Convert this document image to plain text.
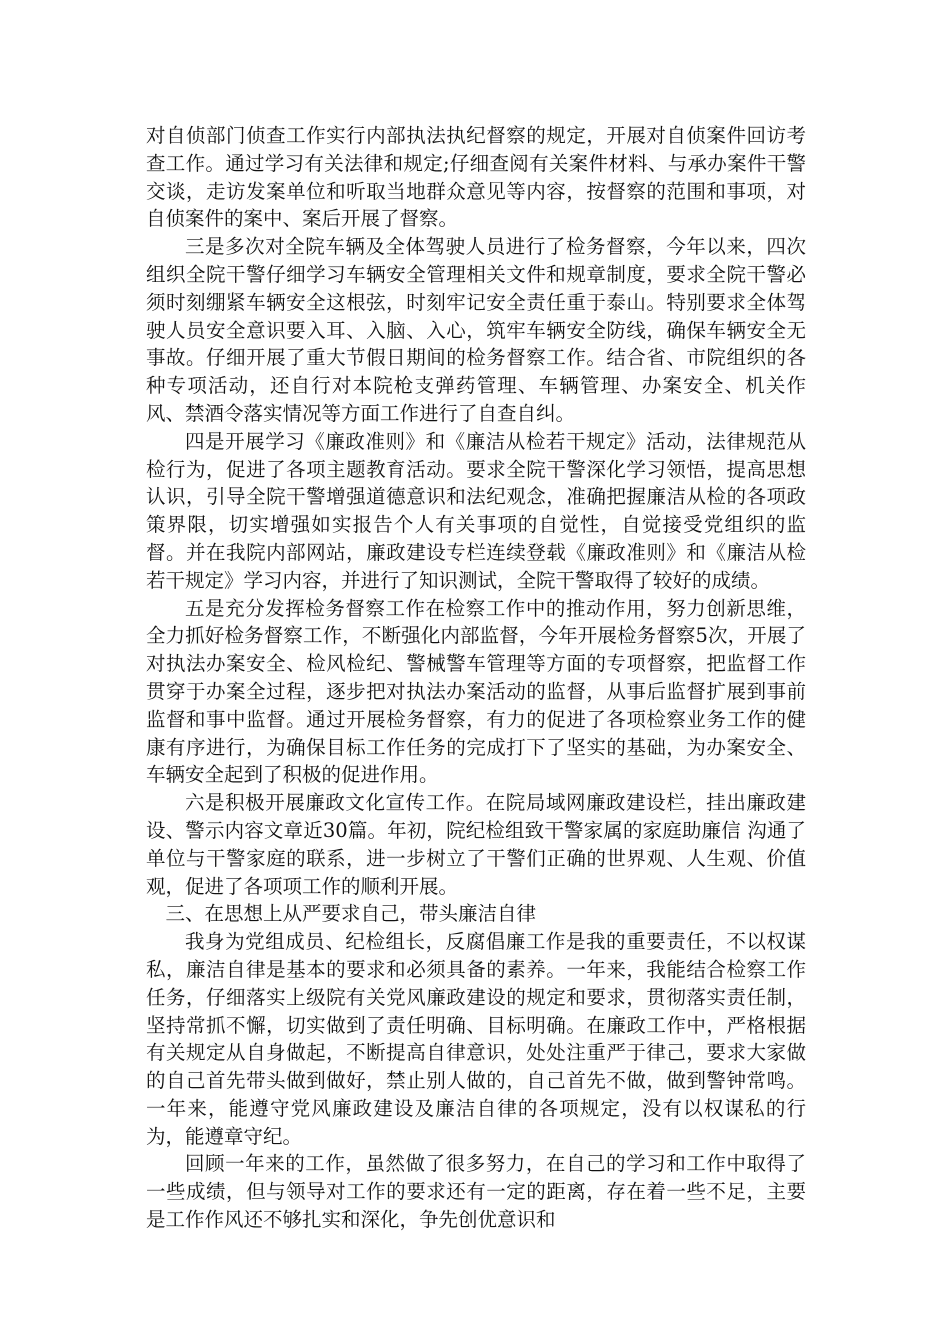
对自侦部门侦查工作实行内部执法执纪督察的规定，开展对自侦案件回访考查工作。通过学习有关法律和规定;仔细查阅有关案件材料、与承办案件干警交谈，走访发案单位和听取当地群众意见等内容，按督察的范围和事项，对自侦案件的案中、案后开展了督察。

三是多次对全院车辆及全体驾驶人员进行了检务督察，今年以来，四次组织全院干警仔细学习车辆安全管理相关文件和规章制度，要求全院干警必须时刻绷紧车辆安全这根弦，时刻牢记安全责任重于泰山。特别要求全体驾驶人员安全意识要入耳、入脑、入心，筑牢车辆安全防线，确保车辆安全无事故。仔细开展了重大节假日期间的检务督察工作。结合省、市院组织的各种专项活动，还自行对本院枪支弹药管理、车辆管理、办案安全、机关作风、禁酒令落实情况等方面工作进行了自查自纠。

四是开展学习《廉政准则》和《廉洁从检若干规定》活动，法律规范从检行为，促进了各项主题教育活动。要求全院干警深化学习领悟，提高思想认识，引导全院干警增强道德意识和法纪观念，准确把握廉洁从检的各项政策界限，切实增强如实报告个人有关事项的自觉性，自觉接受党组织的监督。并在我院内部网站，廉政建设专栏连续登载《廉政准则》和《廉洁从检若干规定》学习内容，并进行了知识测试，全院干警取得了较好的成绩。

五是充分发挥检务督察工作在检察工作中的推动作用，努力创新思维，全力抓好检务督察工作，不断强化内部监督，今年开展检务督察5次，开展了对执法办案安全、检风检纪、警械警车管理等方面的专项督察，把监督工作贯穿于办案全过程，逐步把对执法办案活动的监督，从事后监督扩展到事前监督和事中监督。通过开展检务督察，有力的促进了各项检察业务工作的健康有序进行，为确保目标工作任务的完成打下了坚实的基础，为办案安全、车辆安全起到了积极的促进作用。

六是积极开展廉政文化宣传工作。在院局域网廉政建设栏，挂出廉政建设、警示内容文章近30篇。年初，院纪检组致干警家属的家庭助廉信 沟通了单位与干警家庭的联系，进一步树立了干警们正确的世界观、人生观、价值观，促进了各项项工作的顺利开展。

三、在思想上从严要求自己，带头廉洁自律

我身为党组成员、纪检组长，反腐倡廉工作是我的重要责任，不以权谋私，廉洁自律是基本的要求和必须具备的素养。一年来，我能结合检察工作任务，仔细落实上级院有关党风廉政建设的规定和要求，贯彻落实责任制，坚持常抓不懈，切实做到了责任明确、目标明确。在廉政工作中，严格根据有关规定从自身做起，不断提高自律意识，处处注重严于律己，要求大家做的自己首先带头做到做好，禁止别人做的，自己首先不做，做到警钟常鸣。一年来，能遵守党风廉政建设及廉洁自律的各项规定，没有以权谋私的行为，能遵章守纪。

回顾一年来的工作，虽然做了很多努力，在自己的学习和工作中取得了一些成绩，但与领导对工作的要求还有一定的距离，存在着一些不足，主要是工作作风还不够扎实和深化，争先创优意识和
